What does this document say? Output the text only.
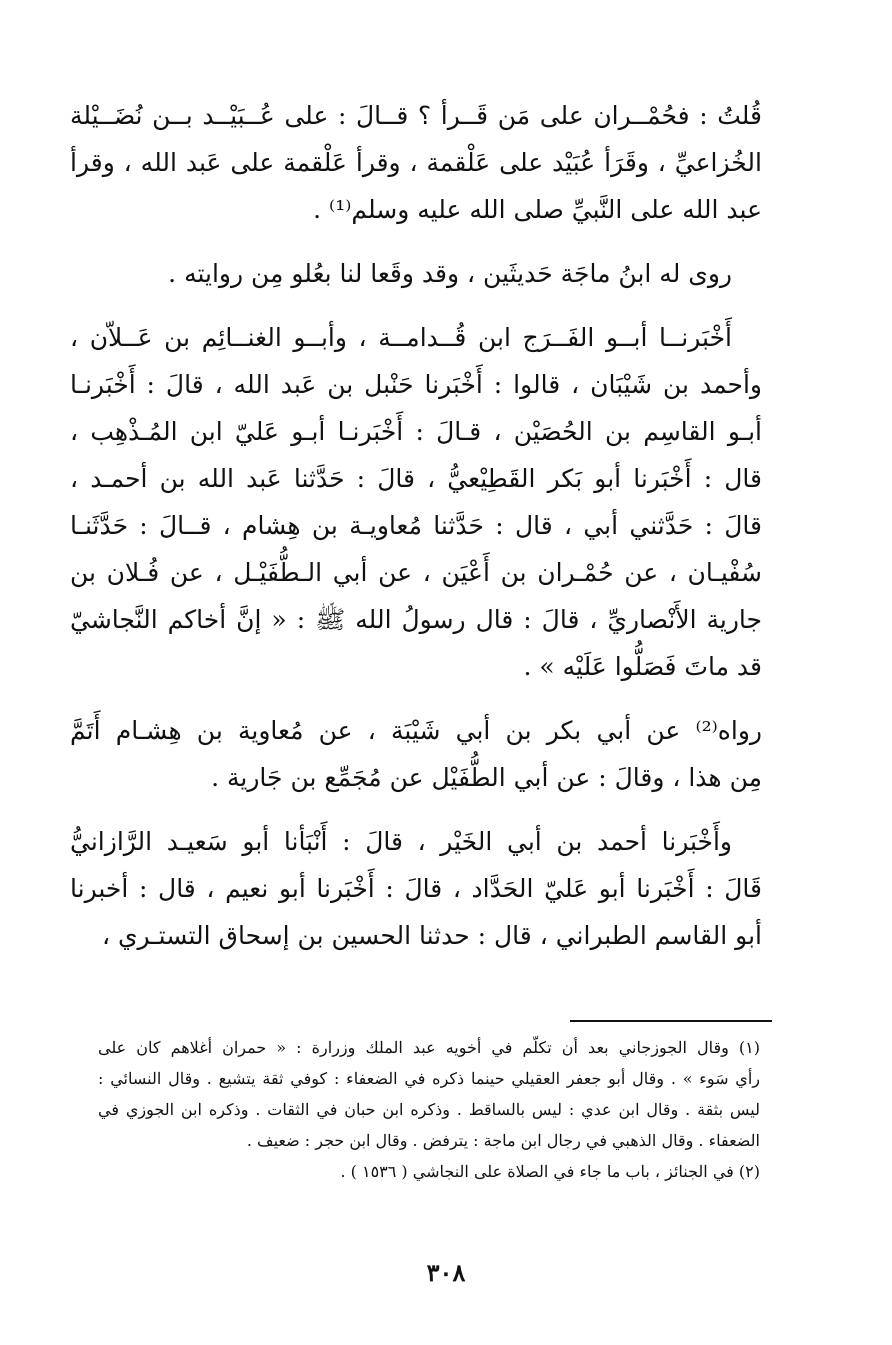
قُلتُ : فحُمْــران على مَن قَــرأ ؟ قــالَ : على عُــبَيْــد بــن نُضَــيْلة
الخُزاعيِّ ، وقَرَأ عُبَيْد على عَلْقمة ، وقرأ عَلْقمة على عَبد الله ، وقرأ
عبد الله على النَّبيِّ صلى الله عليه وسلم⁽¹⁾ .
روى له ابنُ ماجَة حَديثَين ، وقد وقَعا لنا بعُلو مِن روايته .
أَخْبَرنــا أبــو الفَــرَج ابن قُــدامــة ، وأبــو الغنــائِم بن عَــلاّن ،
وأحمد بن شَيْبَان ، قالوا : أَخْبَرنا حَنْبل بن عَبد الله ، قالَ : أَخْبَرنـا
أبـو القاسِم بن الحُصَيْن ، قـالَ : أَخْبَرنـا أبـو عَليّ ابن المُـذْهِب ،
قال : أَخْبَرنا أبو بَكر القَطِيْعيُّ ، قالَ : حَدَّثنا عَبد الله بن أحمـد ،
قالَ : حَدَّثني أبي ، قال : حَدَّثنا مُعاويـة بن هِشام ، قــالَ : حَدَّثَنـا
سُفْيـان ، عن حُمْـران بن أَعْيَن ، عن أبي الـطُّفَيْـل ، عن فُـلان بن
جارية الأَنْصاريِّ ، قالَ : قال رسولُ الله ﷺ : « إنَّ أخاكم النَّجاشيّ
قد ماتَ فَصَلُّوا عَلَيْه » .
رواه⁽²⁾ عن أبي بكر بن أبي شَيْبَة ، عن مُعاوية بن هِشـام أَتَمَّ
مِن هذا ، وقالَ : عن أبي الطُّفَيْل عن مُجَمِّع بن جَارية .
وأَخْبَرنا أحمد بن أبي الخَيْر ، قالَ : أَنْبَأنا أبو سَعيـد الرَّازانيُّ
قَالَ : أَخْبَرنا أبو عَليّ الحَدَّاد ، قالَ : أَخْبَرنا أبو نعيم ، قال : أخبرنا
أبو القاسم الطبراني ، قال : حدثنا الحسين بن إسحاق التستـري ،
(١) وقال الجوزجاني بعد أن تكلّم في أخويه عبد الملك وزرارة : « حمران أغلاهم كان على
رأي سَوء » . وقال أبو جعفر العقيلي حينما ذكره في الضعفاء : كوفي ثقة يتشيع . وقال النسائي :
ليس بثقة . وقال ابن عدي : ليس بالساقط . وذكره ابن حبان في الثقات . وذكره ابن الجوزي في
الضعفاء . وقال الذهبي في رجال ابن ماجة : يترفض . وقال ابن حجر : ضعيف .
(٢) في الجنائز ، باب ما جاء في الصلاة على النجاشي ( ١٥٣٦ ) .
٣٠٨
